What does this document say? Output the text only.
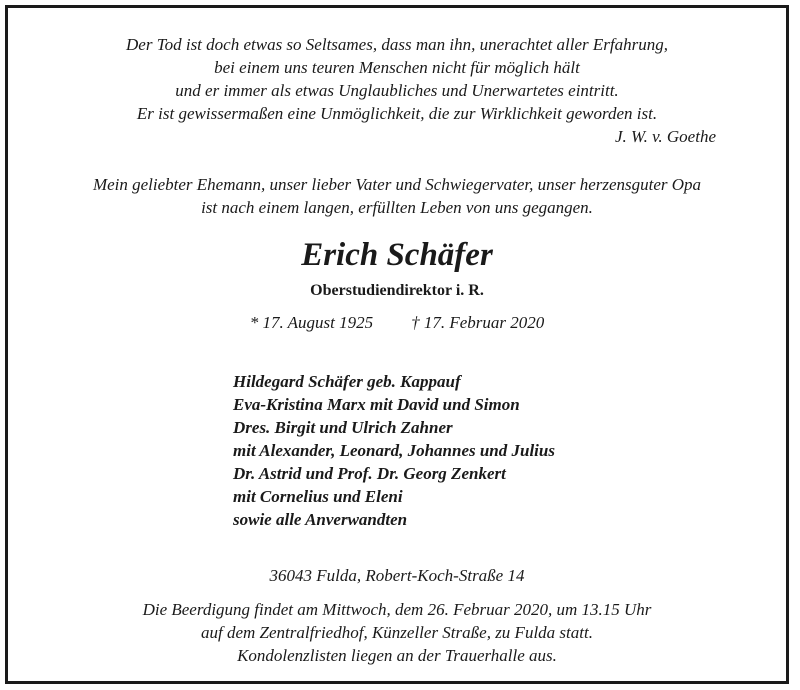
Der Tod ist doch etwas so Seltsames, dass man ihn, unerachtet aller Erfahrung,
bei einem uns teuren Menschen nicht für möglich hält
und er immer als etwas Unglaubliches und Unerwartetes eintritt.
Er ist gewissermaßen eine Unmöglichkeit, die zur Wirklichkeit geworden ist.
J. W. v. Goethe
Mein geliebter Ehemann, unser lieber Vater und Schwiegervater, unser herzensguter Opa
ist nach einem langen, erfüllten Leben von uns gegangen.
Erich Schäfer
Oberstudiendirektor i. R.
* 17. August 1925 † 17. Februar 2020
Hildegard Schäfer geb. Kappauf
Eva-Kristina Marx mit David und Simon
Dres. Birgit und Ulrich Zahner
mit Alexander, Leonard, Johannes und Julius
Dr. Astrid und Prof. Dr. Georg Zenkert
mit Cornelius und Eleni
sowie alle Anverwandten
36043 Fulda, Robert-Koch-Straße 14
Die Beerdigung findet am Mittwoch, dem 26. Februar 2020, um 13.15 Uhr
auf dem Zentralfriedhof, Künzeller Straße, zu Fulda statt.
Kondolenzlisten liegen an der Trauerhalle aus.
